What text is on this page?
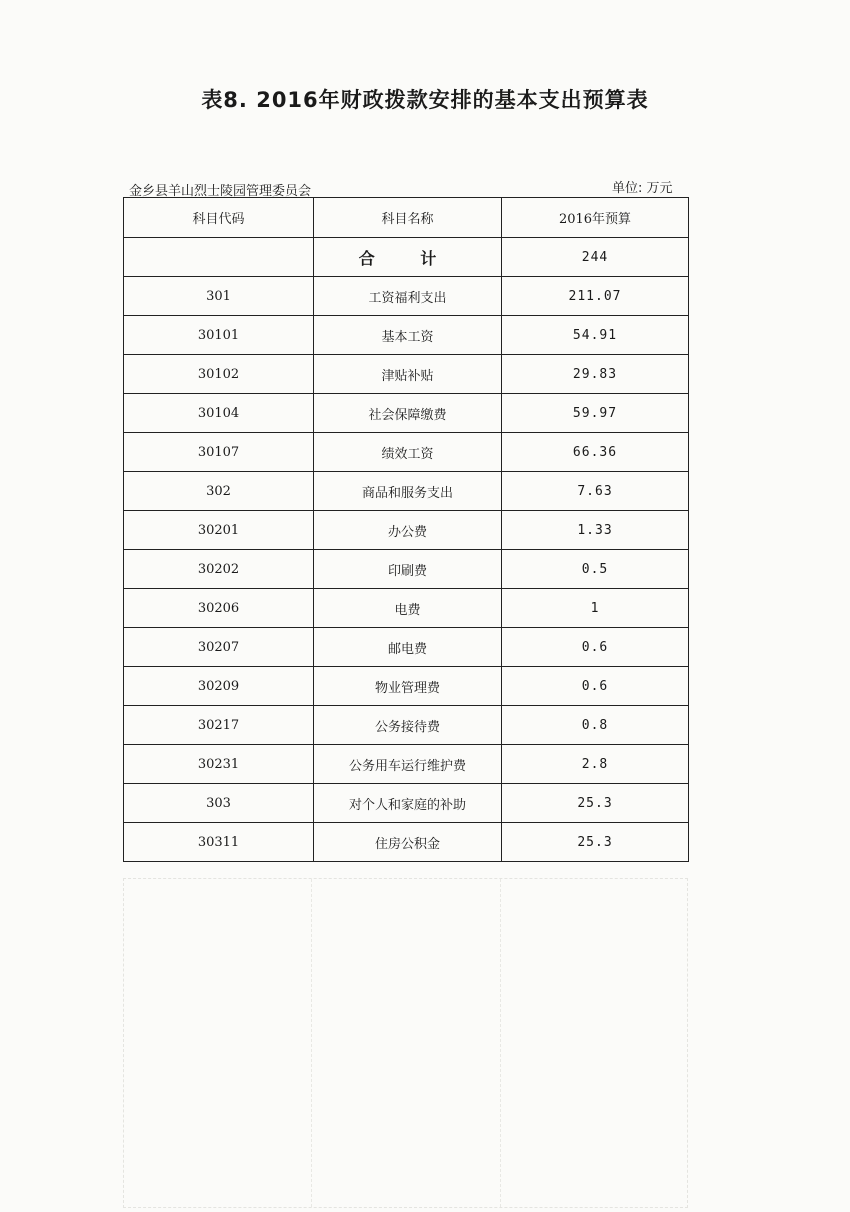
表8. 2016年财政拨款安排的基本支出预算表
金乡县羊山烈士陵园管理委员会	单位: 万元
科目代码	科目名称	2016年预算
	合 计	244
301	工资福利支出	211.07
30101	基本工资	54.91
30102	津贴补贴	29.83
30104	社会保障缴费	59.97
30107	绩效工资	66.36
302	商品和服务支出	7.63
30201	办公费	1.33
30202	印刷费	0.5
30206	电费	1
30207	邮电费	0.6
30209	物业管理费	0.6
30217	公务接待费	0.8
30231	公务用车运行维护费	2.8
303	对个人和家庭的补助	25.3
30311	住房公积金	25.3
